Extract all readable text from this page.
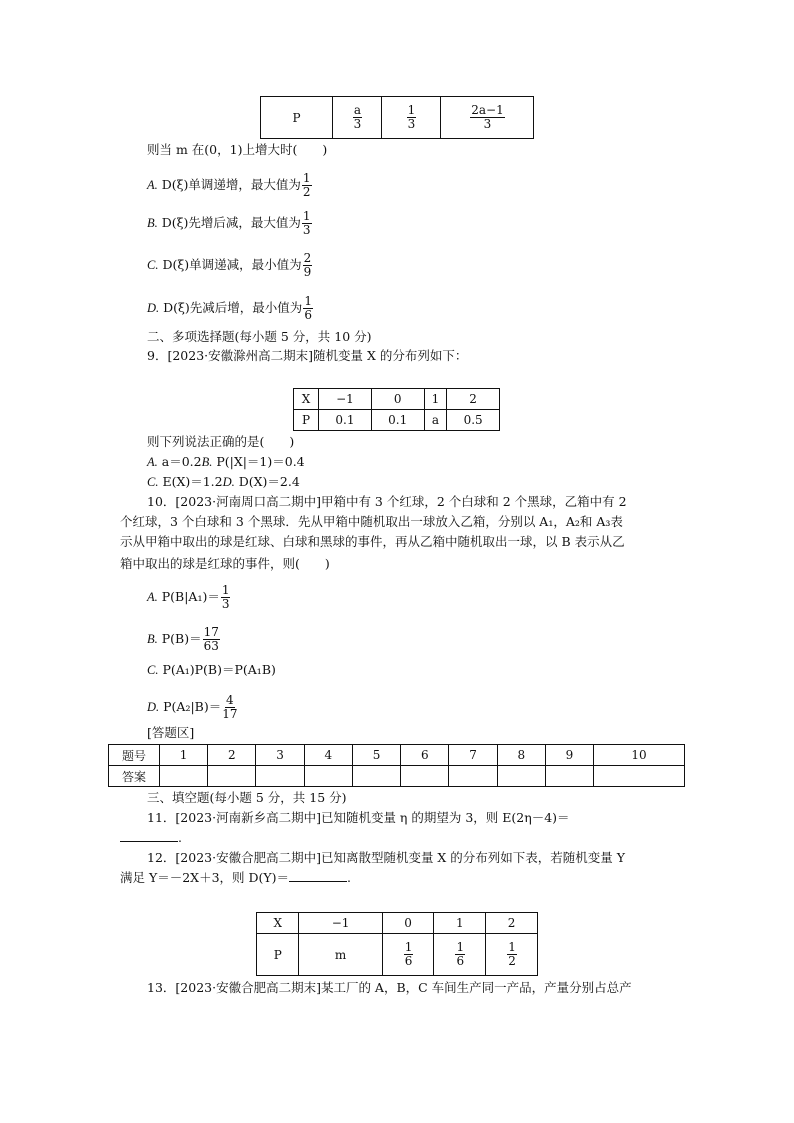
P	$\frac{a}{3}$	$\frac{1}{3}$	$\frac{2a-1}{3}$
则当 m 在(0，1)上增大时(　　)
A. D(ξ)单调递增，最大值为 $\frac{1}{2}$
B. D(ξ)先增后减，最大值为 $\frac{1}{3}$
C. D(ξ)单调递减，最小值为 $\frac{2}{9}$
D. D(ξ)先减后增，最小值为 $\frac{1}{6}$
二、多项选择题(每小题 5 分，共 10 分)
9．[2023·安徽滁州高二期末]随机变量 X 的分布列如下：
X	−1	0	1	2
P	0.1	0.1	a	0.5
则下列说法正确的是(　　)
A. a＝0.2B. P(|X|＝1)＝0.4
C. E(X)＝1.2D. D(X)＝2.4
10．[2023·河南周口高二期中]甲箱中有 3 个红球，2 个白球和 2 个黑球，乙箱中有 2
个红球，3 个白球和 3 个黑球．先从甲箱中随机取出一球放入乙箱，分别以 A₁，A₂和 A₃表
示从甲箱中取出的球是红球、白球和黑球的事件，再从乙箱中随机取出一球，以 B 表示从乙
箱中取出的球是红球的事件，则(　　)
A. $P(B|A_1)= \frac{1}{3}$
B. $P(B)= \frac{17}{63}$
C. P(A₁)P(B)＝P(A₁B)
D. $P(A_2|B)= \frac{4}{17}$
[答题区]
题号	1	2	3	4	5	6	7	8	9	10
答案										
三、填空题(每小题 5 分，共 15 分)
11．[2023·河南新乡高二期中]已知随机变量 η 的期望为 3，则 E(2η－4)＝
.
12．[2023·安徽合肥高二期中]已知离散型随机变量 X 的分布列如下表，若随机变量 Y
满足 Y＝－2X＋3，则 D(Y)＝	.
X	−1	0	1	2
P	m	$\frac{1}{6}$	$\frac{1}{6}$	$\frac{1}{2}$
13．[2023·安徽合肥高二期末]某工厂的 A，B，C 车间生产同一产品，产量分别占总产
